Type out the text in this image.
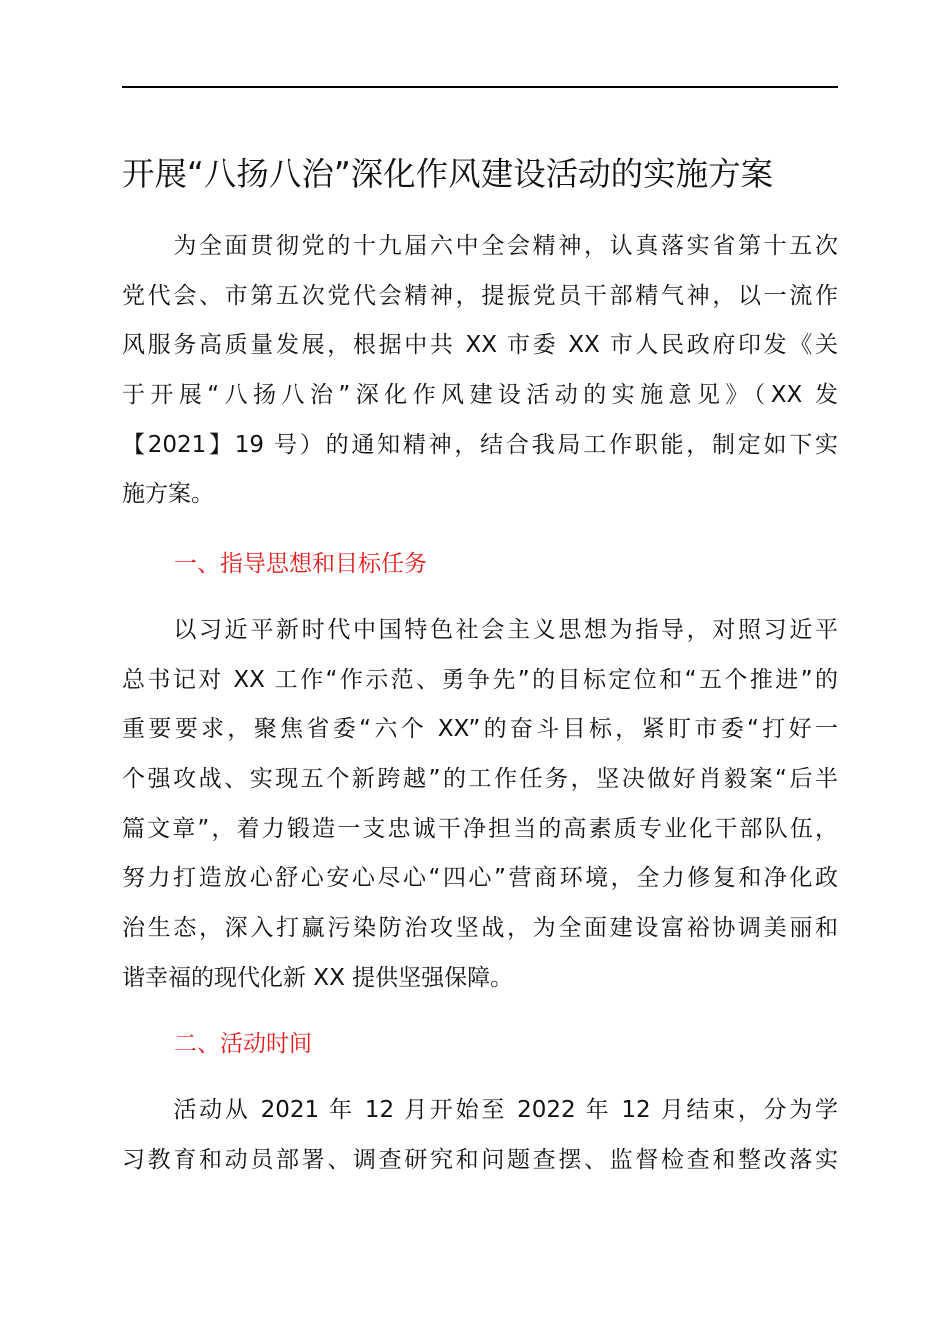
开展“八扬八治”深化作风建设活动的实施方案
　　为全面贯彻党的十九届六中全会精神，认真落实省第十五次
党代会、市第五次党代会精神，提振党员干部精气神，以一流作
风服务高质量发展，根据中共 XX 市委 XX 市人民政府印发《关
于开展“八扬八治”深化作风建设活动的实施意见》（XX 发
【2021】19 号）的通知精神，结合我局工作职能，制定如下实
施方案。
一、指导思想和目标任务
　　以习近平新时代中国特色社会主义思想为指导，对照习近平
总书记对 XX 工作“作示范、勇争先”的目标定位和“五个推进”的
重要要求，聚焦省委“六个 XX”的奋斗目标，紧盯市委“打好一
个强攻战、实现五个新跨越”的工作任务，坚决做好肖毅案“后半
篇文章”，着力锻造一支忠诚干净担当的高素质专业化干部队伍，
努力打造放心舒心安心尽心“四心”营商环境，全力修复和净化政
治生态，深入打赢污染防治攻坚战，为全面建设富裕协调美丽和
谐幸福的现代化新 XX 提供坚强保障。
二、活动时间
　　活动从 2021 年 12 月开始至 2022 年 12 月结束，分为学
习教育和动员部署、调查研究和问题查摆、监督检查和整改落实
